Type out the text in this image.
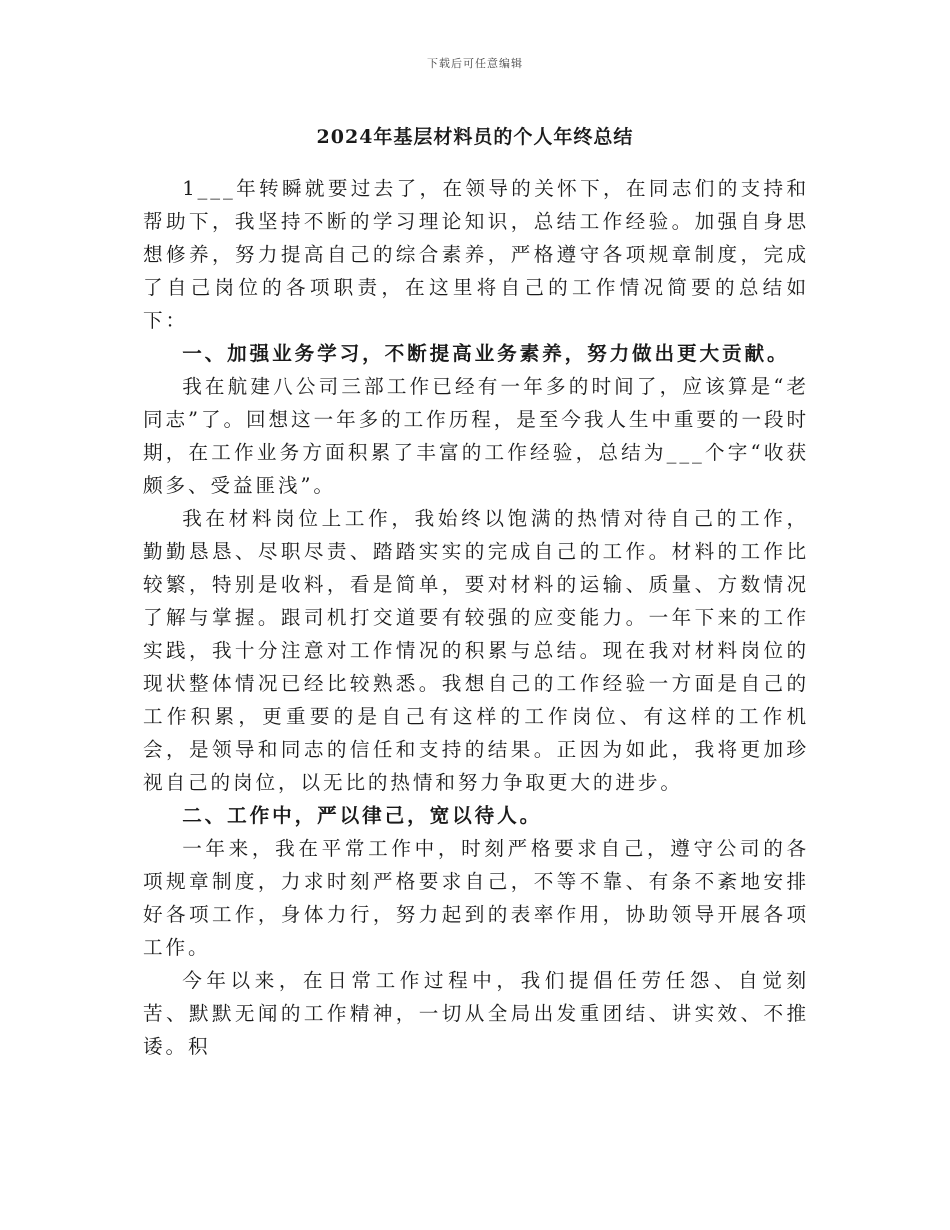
下载后可任意编辑
2024年基层材料员的个人年终总结

1___年转瞬就要过去了，在领导的关怀下，在同志们的支持和帮助下，我坚持不断的学习理论知识，总结工作经验。加强自身思想修养，努力提高自己的综合素养，严格遵守各项规章制度，完成了自己岗位的各项职责，在这里将自己的工作情况简要的总结如下：

一、加强业务学习，不断提高业务素养，努力做出更大贡献。

我在航建八公司三部工作已经有一年多的时间了，应该算是“老同志”了。回想这一年多的工作历程，是至今我人生中重要的一段时期，在工作业务方面积累了丰富的工作经验，总结为___个字“收获颇多、受益匪浅”。

我在材料岗位上工作，我始终以饱满的热情对待自己的工作，勤勤恳恳、尽职尽责、踏踏实实的完成自己的工作。材料的工作比较繁，特别是收料，看是简单，要对材料的运输、质量、方数情况了解与掌握。跟司机打交道要有较强的应变能力。一年下来的工作实践，我十分注意对工作情况的积累与总结。现在我对材料岗位的现状整体情况已经比较熟悉。我想自己的工作经验一方面是自己的工作积累，更重要的是自己有这样的工作岗位、有这样的工作机会，是领导和同志的信任和支持的结果。正因为如此，我将更加珍视自己的岗位，以无比的热情和努力争取更大的进步。

二、工作中，严以律己，宽以待人。

一年来，我在平常工作中，时刻严格要求自己，遵守公司的各项规章制度，力求时刻严格要求自己，不等不靠、有条不紊地安排好各项工作，身体力行，努力起到的表率作用，协助领导开展各项工作。

今年以来，在日常工作过程中，我们提倡任劳任怨、自觉刻苦、默默无闻的工作精神，一切从全局出发重团结、讲实效、不推诿。积
